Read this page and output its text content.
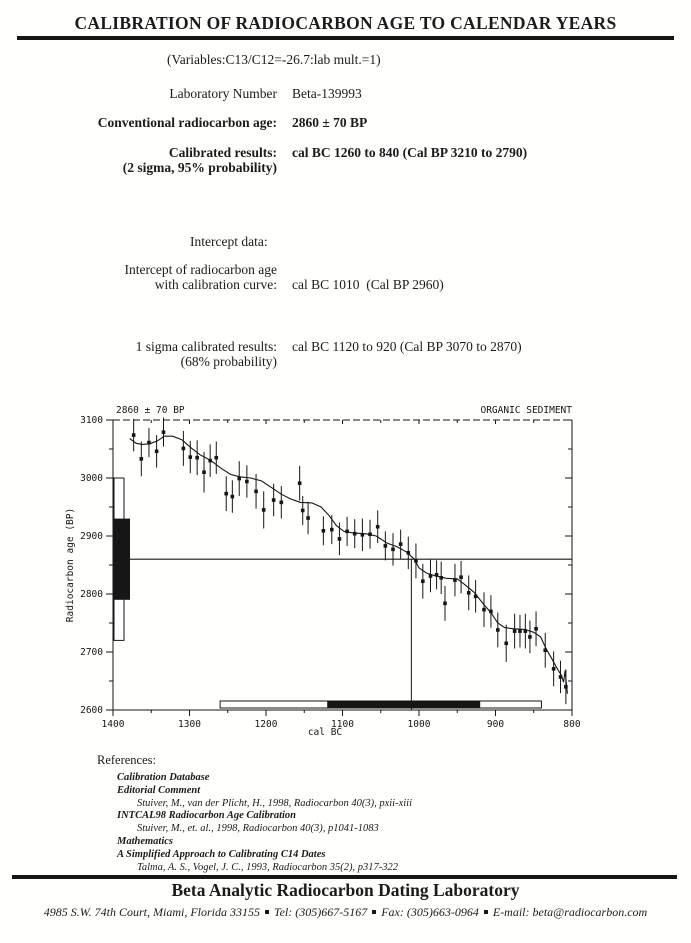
CALIBRATION OF RADIOCARBON AGE TO CALENDAR YEARS
(Variables:C13/C12=-26.7:lab mult.=1)
Laboratory Number Beta-139993
Conventional radiocarbon age: 2860 ± 70 BP
Calibrated results:
(2 sigma, 95% probability)
cal BC 1260 to 840 (Cal BP 3210 to 2790)
Intercept data:
Intercept of radiocarbon age
with calibration curve: cal BC 1010  (Cal BP 2960)
1 sigma calibrated results:
(68% probability)
cal BC 1120 to 920 (Cal BP 3070 to 2870)
800
900
1000
1100
1200
1300
1400
2600
2700
2800
2900
3000
3100
2860 ± 70 BP	ORGANIC SEDIMENT
cal BC
Radiocarbon age (BP)
References:
Calibration Database
Editorial Comment
Stuiver, M., van der Plicht, H., 1998, Radiocarbon 40(3), pxii-xiii
INTCAL98 Radiocarbon Age Calibration
Stuiver, M., et. al., 1998, Radiocarbon 40(3), p1041-1083
Mathematics
A Simplified Approach to Calibrating C14 Dates
Talma, A. S., Vogel, J. C., 1993, Radiocarbon 35(2), p317-322
Beta Analytic Radiocarbon Dating Laboratory
4985 S.W. 74th Court, Miami, Florida 33155 Tel: (305)667-5167 Fax: (305)663-0964 E-mail: beta@radiocarbon.com
